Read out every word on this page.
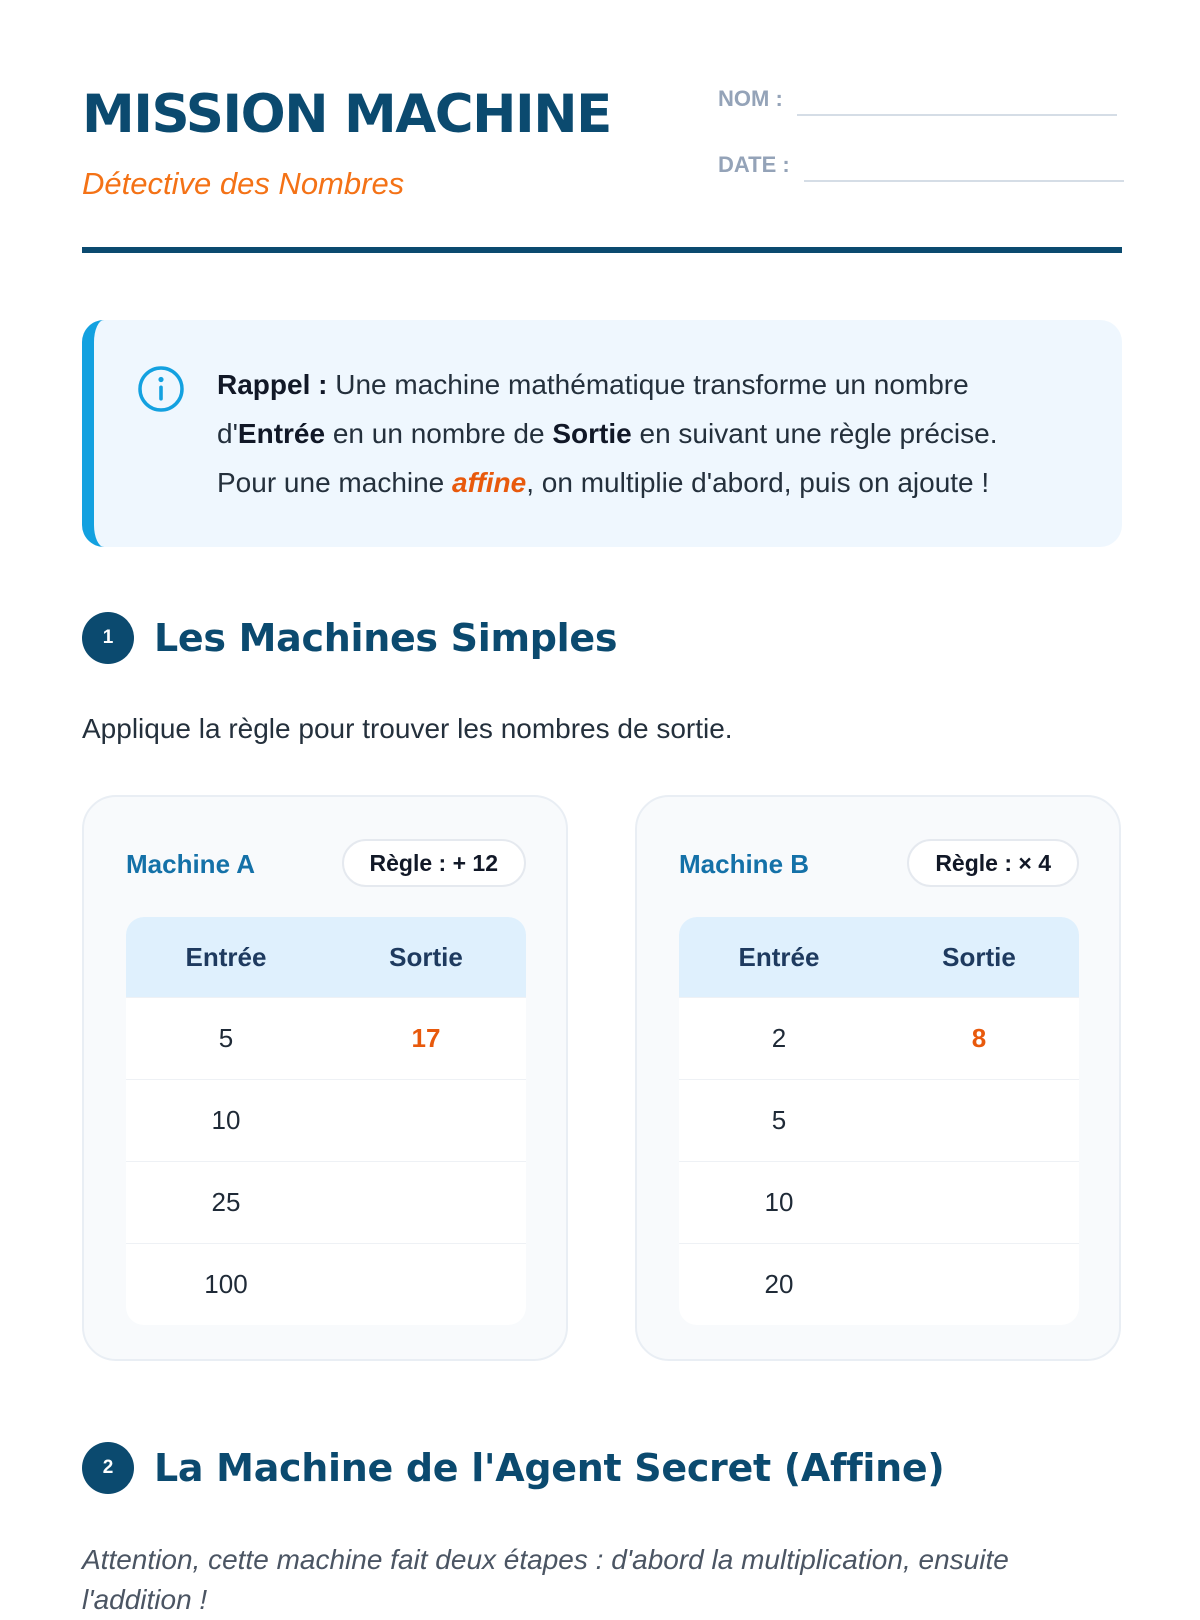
MISSION MACHINE
Détective des Nombres
NOM :
DATE :
Rappel : Une machine mathématique transforme un nombre
d'Entrée en un nombre de Sortie en suivant une règle précise.
Pour une machine affine, on multiplie d'abord, puis on ajoute !
1	Les Machines Simples
Applique la règle pour trouver les nombres de sortie.
Machine A	Règle : + 12
Entrée	Sortie
5	17
10
25
100
Machine B	Règle : × 4
Entrée	Sortie
2	8
5
10
20
2	La Machine de l'Agent Secret (Affine)
Attention, cette machine fait deux étapes : d'abord la multiplication, ensuite l'addition !
